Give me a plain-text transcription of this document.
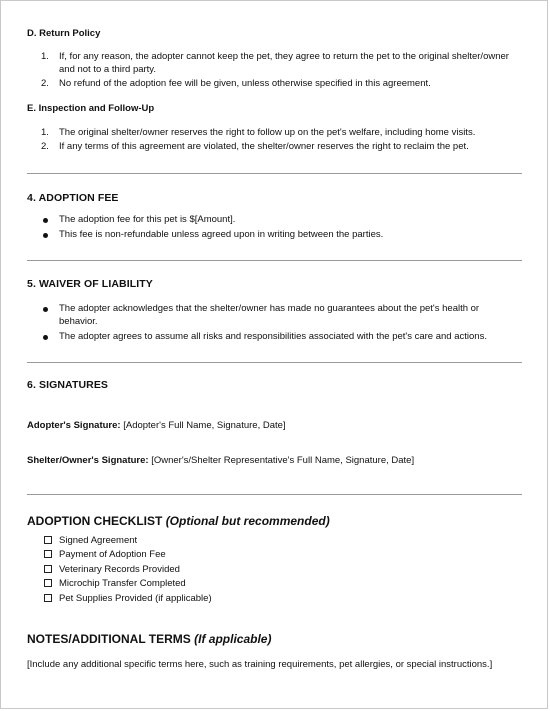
D. Return Policy
1. If, for any reason, the adopter cannot keep the pet, they agree to return the pet to the original shelter/owner and not to a third party.
2. No refund of the adoption fee will be given, unless otherwise specified in this agreement.
E. Inspection and Follow-Up
1. The original shelter/owner reserves the right to follow up on the pet's welfare, including home visits.
2. If any terms of this agreement are violated, the shelter/owner reserves the right to reclaim the pet.
4. ADOPTION FEE
The adoption fee for this pet is $[Amount].
This fee is non-refundable unless agreed upon in writing between the parties.
5. WAIVER OF LIABILITY
The adopter acknowledges that the shelter/owner has made no guarantees about the pet's health or behavior.
The adopter agrees to assume all risks and responsibilities associated with the pet's care and actions.
6. SIGNATURES
Adopter's Signature: [Adopter's Full Name, Signature, Date]
Shelter/Owner's Signature: [Owner's/Shelter Representative's Full Name, Signature, Date]
ADOPTION CHECKLIST (Optional but recommended)
Signed Agreement
Payment of Adoption Fee
Veterinary Records Provided
Microchip Transfer Completed
Pet Supplies Provided (if applicable)
NOTES/ADDITIONAL TERMS (If applicable)
[Include any additional specific terms here, such as training requirements, pet allergies, or special instructions.]
